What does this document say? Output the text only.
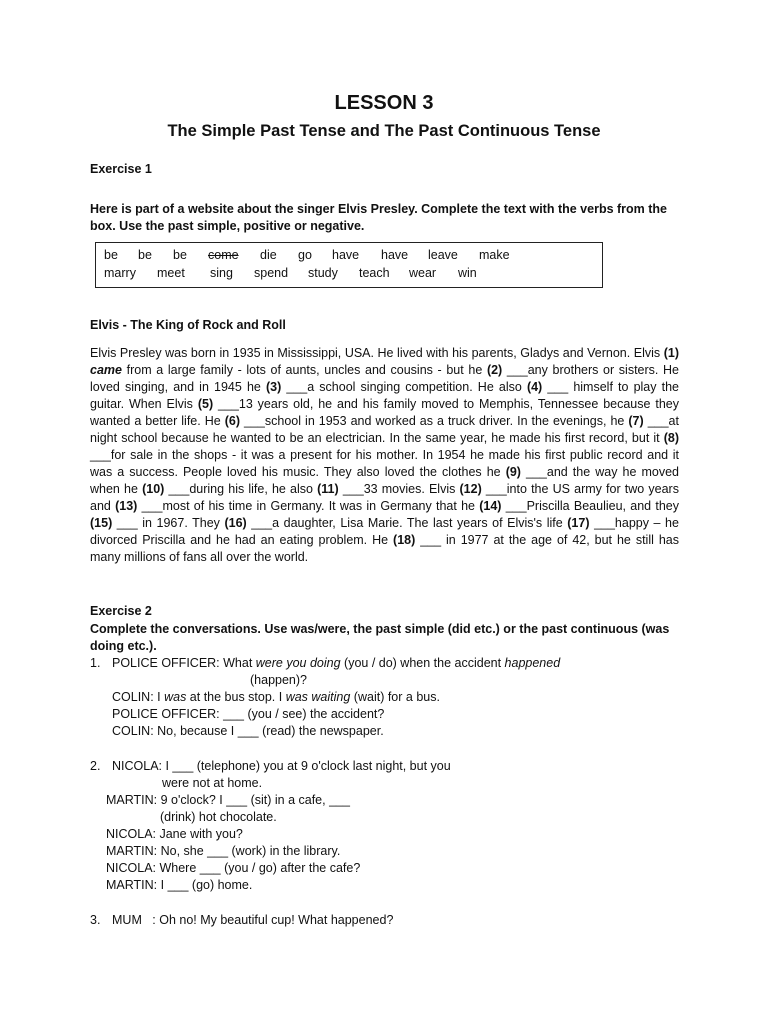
LESSON 3
The Simple Past Tense and The Past Continuous Tense
Exercise 1
Here is part of a website about the singer Elvis Presley. Complete the text with the verbs from the box. Use the past simple, positive or negative.
be be be come die go have have leave make
marry meet sing spend study teach wear win
Elvis - The King of Rock and Roll
Elvis Presley was born in 1935 in Mississippi, USA. He lived with his parents, Gladys and Vernon. Elvis (1) came from a large family - lots of aunts, uncles and cousins - but he (2) ___any brothers or sisters. He loved singing, and in 1945 he (3) ___a school singing competition. He also (4) ___ himself to play the guitar. When Elvis (5) ___13 years old, he and his family moved to Memphis, Tennessee because they wanted a better life. He (6) ___school in 1953 and worked as a truck driver. In the evenings, he (7) ___at night school because he wanted to be an electrician. In the same year, he made his first record, but it (8) ___for sale in the shops - it was a present for his mother. In 1954 he made his first public record and it was a success. People loved his music. They also loved the clothes he (9) ___and the way he moved when he (10) ___during his life, he also (11) ___33 movies. Elvis (12) ___into the US army for two years and (13) ___most of his time in Germany. It was in Germany that he (14) ___Priscilla Beaulieu, and they (15) ___ in 1967. They (16) ___a daughter, Lisa Marie. The last years of Elvis's life (17) ___happy – he divorced Priscilla and he had an eating problem. He (18) ___ in 1977 at the age of 42, but he still has many millions of fans all over the world.
Exercise 2
Complete the conversations. Use was/were, the past simple (did etc.) or the past continuous (was doing etc.).
1. POLICE OFFICER: What were you doing (you / do) when the accident happened
(happen)?
COLIN: I was at the bus stop. I was waiting (wait) for a bus.
POLICE OFFICER: ___ (you / see) the accident?
COLIN: No, because I ___ (read) the newspaper.
2. NICOLA: I ___ (telephone) you at 9 o'clock last night, but you
were not at home.
MARTIN: 9 o'clock? I ___ (sit) in a cafe, ___
(drink) hot chocolate.
NICOLA: Jane with you?
MARTIN: No, she ___ (work) in the library.
NICOLA: Where ___ (you / go) after the cafe?
MARTIN: I ___ (go) home.
3. MUM   : Oh no! My beautiful cup! What happened?
